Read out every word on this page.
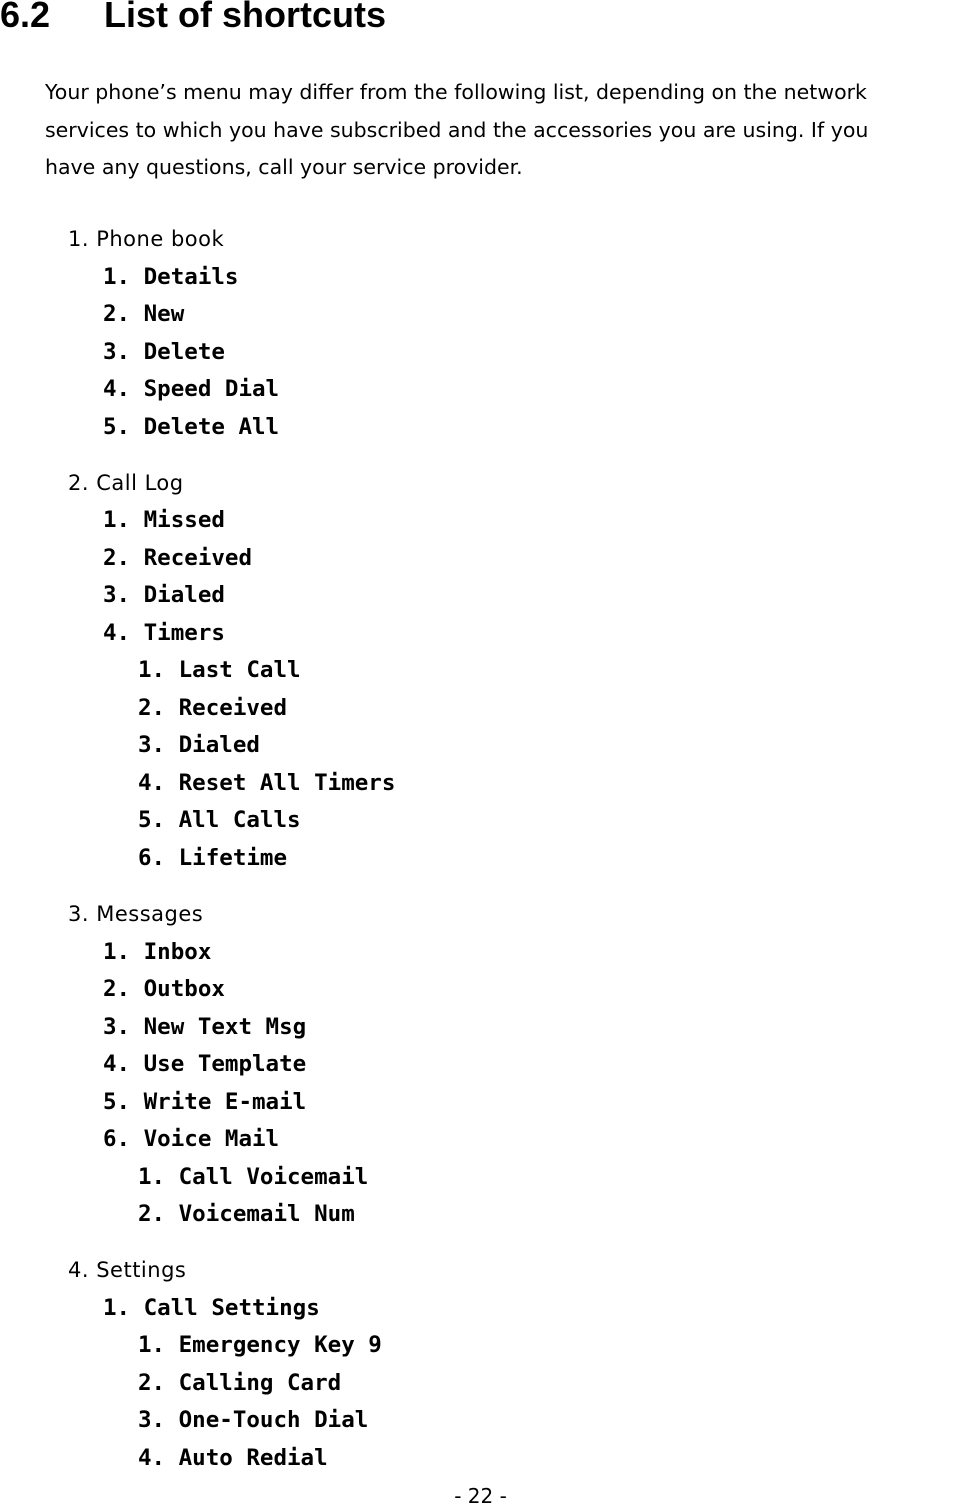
6.2 List of shortcuts

Your phone’s menu may differ from the following list, depending on the network
services to which you have subscribed and the accessories you are using. If you
have any questions, call your service provider.

1. Phone book
1. Details
2. New
3. Delete
4. Speed Dial
5. Delete All
2. Call Log
1. Missed
2. Received
3. Dialed
4. Timers
1. Last Call
2. Received
3. Dialed
4. Reset All Timers
5. All Calls
6. Lifetime
3. Messages
1. Inbox
2. Outbox
3. New Text Msg
4. Use Template
5. Write E-mail
6. Voice Mail
1. Call Voicemail
2. Voicemail Num
4. Settings
1. Call Settings
1. Emergency Key 9
2. Calling Card
3. One-Touch Dial
4. Auto Redial
- 22 -
